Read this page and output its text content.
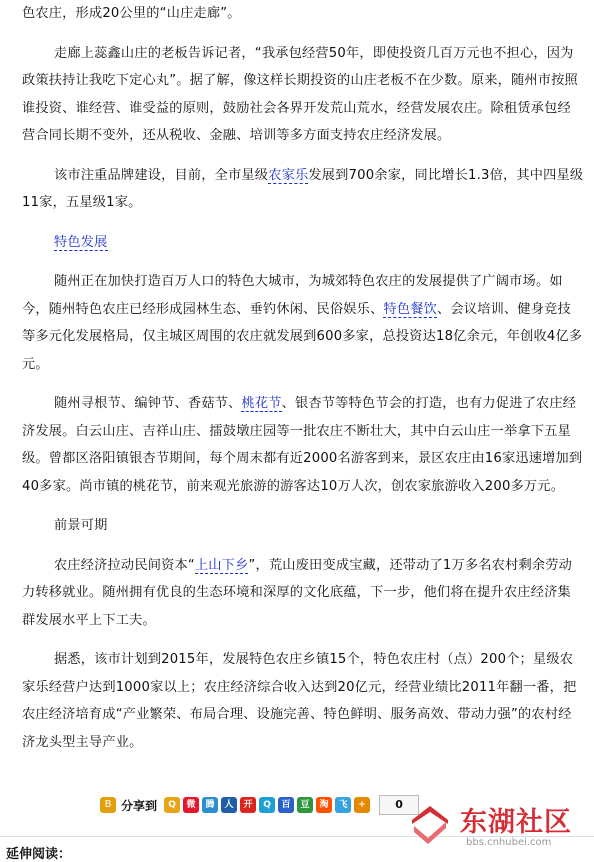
色农庄，形成20公里的“山庄走廊”。

走廊上蕊鑫山庄的老板告诉记者，“我承包经营50年，即使投资几百万元也不担心，因为政策扶持让我吃下定心丸”。据了解，像这样长期投资的山庄老板不在少数。原来，随州市按照谁投资、谁经营、谁受益的原则，鼓励社会各界开发荒山荒水，经营发展农庄。除租赁承包经营合同长期不变外，还从税收、金融、培训等多方面支持农庄经济发展。

该市注重品牌建设，目前，全市星级农家乐发展到700余家，同比增长1.3倍，其中四星级11家，五星级1家。

特色发展

随州正在加快打造百万人口的特色大城市，为城郊特色农庄的发展提供了广阔市场。如今，随州特色农庄已经形成园林生态、垂钓休闲、民俗娱乐、特色餐饮、会议培训、健身竞技等多元化发展格局，仅主城区周围的农庄就发展到600多家，总投资达18亿余元，年创收4亿多元。

随州寻根节、编钟节、香菇节、桃花节、银杏节等特色节会的打造，也有力促进了农庄经济发展。白云山庄、吉祥山庄、擂鼓墩庄园等一批农庄不断壮大，其中白云山庄一举拿下五星级。曾都区洛阳镇银杏节期间，每个周末都有近2000名游客到来，景区农庄由16家迅速增加到40多家。尚市镇的桃花节，前来观光旅游的游客达10万人次，创农家旅游收入200多万元。

前景可期

农庄经济拉动民间资本“上山下乡”，荒山废田变成宝藏，还带动了1万多名农村剩余劳动力转移就业。随州拥有优良的生态环境和深厚的文化底蕴，下一步，他们将在提升农庄经济集群发展水平上下工夫。

据悉，该市计划到2015年，发展特色农庄乡镇15个，特色农庄村（点）200个；星级农家乐经营户达到1000家以上；农庄经济综合收入达到20亿元，经营业绩比2011年翻一番，把农庄经济培育成“产业繁荣、布局合理、设施完善、特色鲜明、服务高效、带动力强”的农村经济龙头型主导产业。

B 分享到	Q	微	腾	人	开	Q	百	豆	淘	飞	+	0
延伸阅读：
东湖社区
bbs.cnhubei.com
